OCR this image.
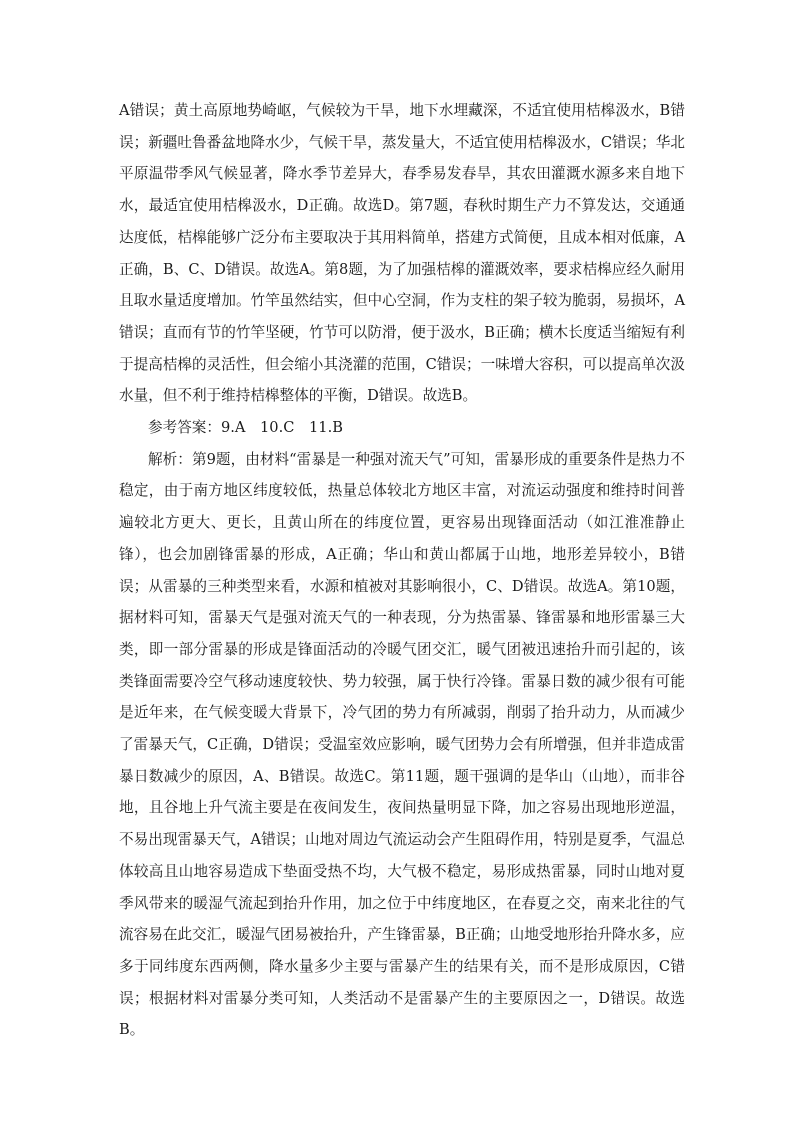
A错误；黄土高原地势崎岖，气候较为干旱，地下水埋藏深，不适宜使用桔槔汲水，B错误；新疆吐鲁番盆地降水少，气候干旱，蒸发量大，不适宜使用桔槔汲水，C错误；华北平原温带季风气候显著，降水季节差异大，春季易发春旱，其农田灌溉水源多来自地下水，最适宜使用桔槔汲水，D正确。故选D。第7题，春秋时期生产力不算发达，交通通达度低，桔槔能够广泛分布主要取决于其用料简单，搭建方式简便，且成本相对低廉，A正确，B、C、D错误。故选A。第8题，为了加强桔槔的灌溉效率，要求桔槔应经久耐用且取水量适度增加。竹竿虽然结实，但中心空洞，作为支柱的架子较为脆弱，易损坏，A错误；直而有节的竹竿坚硬，竹节可以防滑，便于汲水，B正确；横木长度适当缩短有利于提高桔槔的灵活性，但会缩小其浇灌的范围，C错误；一味增大容积，可以提高单次汲水量，但不利于维持桔槔整体的平衡，D错误。故选B。

参考答案：9.A　10.C　11.B

解析：第9题，由材料“雷暴是一种强对流天气”可知，雷暴形成的重要条件是热力不稳定，由于南方地区纬度较低，热量总体较北方地区丰富，对流运动强度和维持时间普遍较北方更大、更长，且黄山所在的纬度位置，更容易出现锋面活动（如江淮准静止锋），也会加剧锋雷暴的形成，A正确；华山和黄山都属于山地，地形差异较小，B错误；从雷暴的三种类型来看，水源和植被对其影响很小，C、D错误。故选A。第10题，据材料可知，雷暴天气是强对流天气的一种表现，分为热雷暴、锋雷暴和地形雷暴三大类，即一部分雷暴的形成是锋面活动的冷暖气团交汇，暖气团被迅速抬升而引起的，该类锋面需要冷空气移动速度较快、势力较强，属于快行冷锋。雷暴日数的减少很有可能是近年来，在气候变暖大背景下，冷气团的势力有所减弱，削弱了抬升动力，从而减少了雷暴天气，C正确，D错误；受温室效应影响，暖气团势力会有所增强，但并非造成雷暴日数减少的原因，A、B错误。故选C。第11题，题干强调的是华山（山地），而非谷地，且谷地上升气流主要是在夜间发生，夜间热量明显下降，加之容易出现地形逆温，不易出现雷暴天气，A错误；山地对周边气流运动会产生阻碍作用，特别是夏季，气温总体较高且山地容易造成下垫面受热不均，大气极不稳定，易形成热雷暴，同时山地对夏季风带来的暖湿气流起到抬升作用，加之位于中纬度地区，在春夏之交，南来北往的气流容易在此交汇，暖湿气团易被抬升，产生锋雷暴，B正确；山地受地形抬升降水多，应多于同纬度东西两侧，降水量多少主要与雷暴产生的结果有关，而不是形成原因，C错误；根据材料对雷暴分类可知，人类活动不是雷暴产生的主要原因之一，D错误。故选B。
